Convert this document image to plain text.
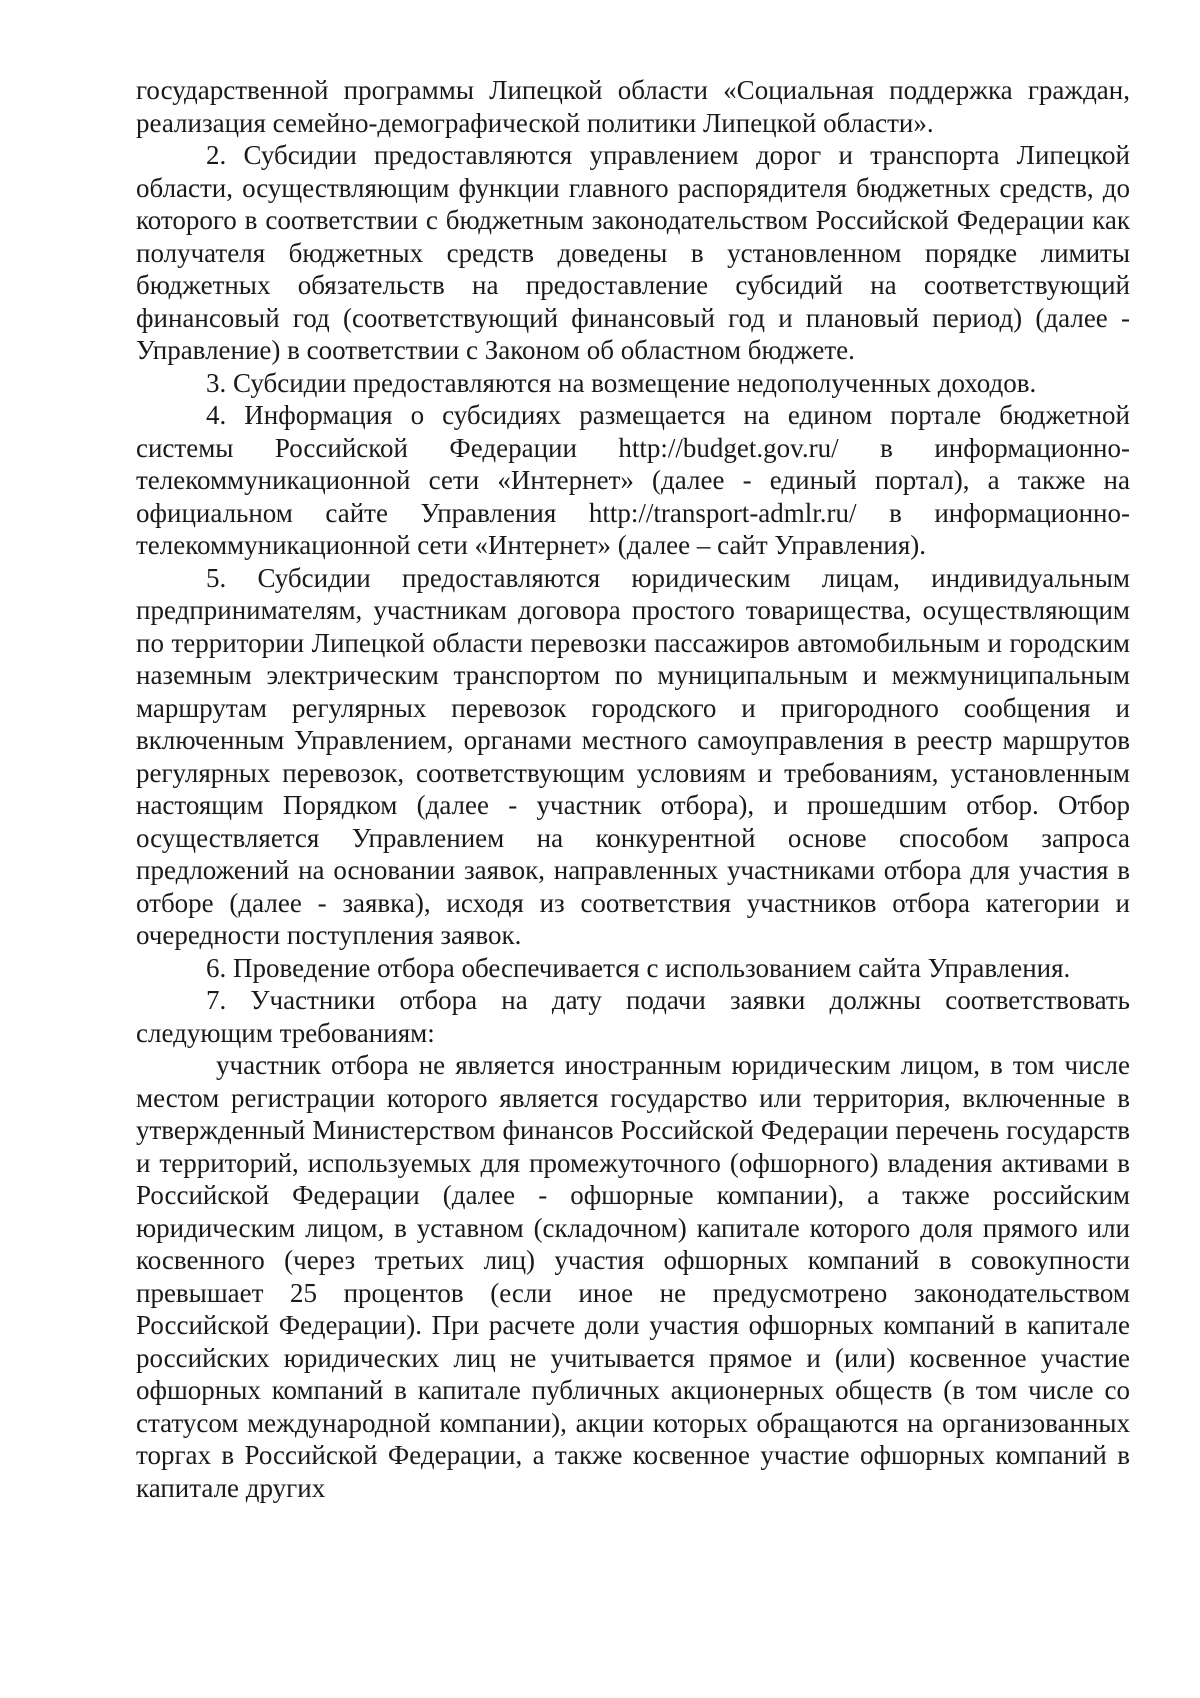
государственной программы Липецкой области «Социальная поддержка граждан, реализация семейно-демографической политики Липецкой области».

2. Субсидии предоставляются управлением дорог и транспорта Липецкой области, осуществляющим функции главного распорядителя бюджетных средств, до которого в соответствии с бюджетным законодательством Российской Федерации как получателя бюджетных средств доведены в установленном порядке лимиты бюджетных обязательств на предоставление субсидий на соответствующий финансовый год (соответствующий финансовый год и плановый период) (далее - Управление) в соответствии с Законом об областном бюджете.

3. Субсидии предоставляются на возмещение недополученных доходов.

4. Информация о субсидиях размещается на едином портале бюджетной системы Российской Федерации http://budget.gov.ru/ в информационно-телекоммуникационной сети «Интернет» (далее - единый портал), а также на официальном сайте Управления http://transport-admlr.ru/ в информационно-телекоммуникационной сети «Интернет» (далее – сайт Управления).

5. Субсидии предоставляются юридическим лицам, индивидуальным предпринимателям, участникам договора простого товарищества, осуществляющим по территории Липецкой области перевозки пассажиров автомобильным и городским наземным электрическим транспортом по муниципальным и межмуниципальным маршрутам регулярных перевозок городского и пригородного сообщения и включенным Управлением, органами местного самоуправления в реестр маршрутов регулярных перевозок, соответствующим условиям и требованиям, установленным настоящим Порядком (далее - участник отбора), и прошедшим отбор. Отбор осуществляется Управлением на конкурентной основе способом запроса предложений на основании заявок, направленных участниками отбора для участия в отборе (далее - заявка), исходя из соответствия участников отбора категории и очередности поступления заявок.

6. Проведение отбора обеспечивается с использованием сайта Управления.

7. Участники отбора на дату подачи заявки должны соответствовать следующим требованиям:

участник отбора не является иностранным юридическим лицом, в том числе местом регистрации которого является государство или территория, включенные в утвержденный Министерством финансов Российской Федерации перечень государств и территорий, используемых для промежуточного (офшорного) владения активами в Российской Федерации (далее - офшорные компании), а также российским юридическим лицом, в уставном (складочном) капитале которого доля прямого или косвенного (через третьих лиц) участия офшорных компаний в совокупности превышает 25 процентов (если иное не предусмотрено законодательством Российской Федерации). При расчете доли участия офшорных компаний в капитале российских юридических лиц не учитывается прямое и (или) косвенное участие офшорных компаний в капитале публичных акционерных обществ (в том числе со статусом международной компании), акции которых обращаются на организованных торгах в Российской Федерации, а также косвенное участие офшорных компаний в капитале других
